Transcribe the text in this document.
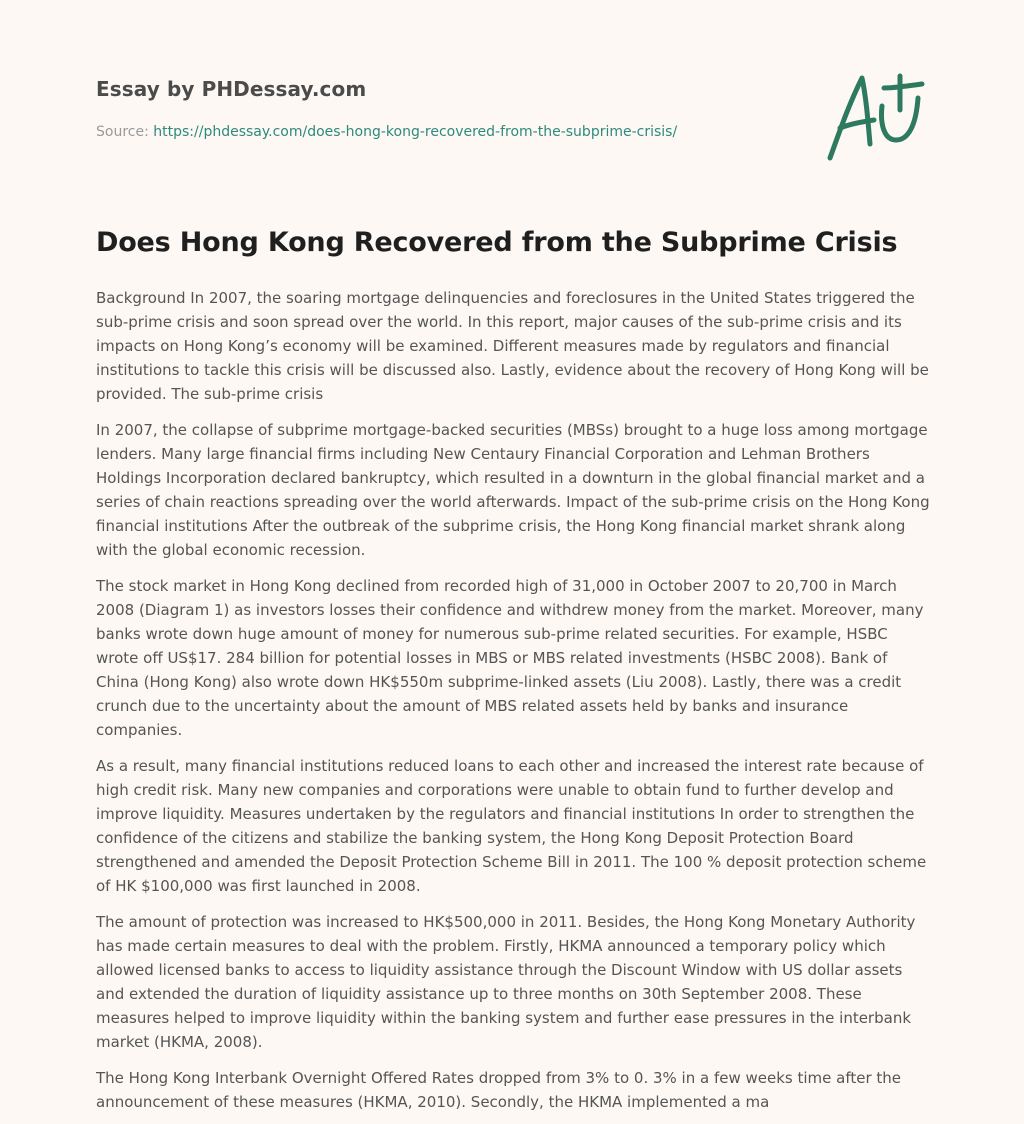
Essay by PHDessay.com
Source: https://phdessay.com/does-hong-kong-recovered-from-the-subprime-crisis/
Does Hong Kong Recovered from the Subprime Crisis

Background In 2007, the soaring mortgage delinquencies and foreclosures in the United States triggered the sub-prime crisis and soon spread over the world. In this report, major causes of the sub-prime crisis and its impacts on Hong Kong’s economy will be examined. Different measures made by regulators and financial institutions to tackle this crisis will be discussed also. Lastly, evidence about the recovery of Hong Kong will be provided. The sub-prime crisis

In 2007, the collapse of subprime mortgage-backed securities (MBSs) brought to a huge loss among mortgage lenders. Many large financial firms including New Centaury Financial Corporation and Lehman Brothers Holdings Incorporation declared bankruptcy, which resulted in a downturn in the global financial market and a series of chain reactions spreading over the world afterwards. Impact of the sub-prime crisis on the Hong Kong financial institutions After the outbreak of the subprime crisis, the Hong Kong financial market shrank along with the global economic recession.

The stock market in Hong Kong declined from recorded high of 31,000 in October 2007 to 20,700 in March 2008 (Diagram 1) as investors losses their confidence and withdrew money from the market. Moreover, many banks wrote down huge amount of money for numerous sub-prime related securities. For example, HSBC wrote off US$17. 284 billion for potential losses in MBS or MBS related investments (HSBC 2008). Bank of China (Hong Kong) also wrote down HK$550m subprime-linked assets (Liu 2008). Lastly, there was a credit crunch due to the uncertainty about the amount of MBS related assets held by banks and insurance companies.

As a result, many financial institutions reduced loans to each other and increased the interest rate because of high credit risk. Many new companies and corporations were unable to obtain fund to further develop and improve liquidity. Measures undertaken by the regulators and financial institutions In order to strengthen the confidence of the citizens and stabilize the banking system, the Hong Kong Deposit Protection Board strengthened and amended the Deposit Protection Scheme Bill in 2011. The 100 % deposit protection scheme of HK $100,000 was first launched in 2008.

The amount of protection was increased to HK$500,000 in 2011. Besides, the Hong Kong Monetary Authority has made certain measures to deal with the problem. Firstly, HKMA announced a temporary policy which allowed licensed banks to access to liquidity assistance through the Discount Window with US dollar assets and extended the duration of liquidity assistance up to three months on 30th September 2008. These measures helped to improve liquidity within the banking system and further ease pressures in the interbank market (HKMA, 2008).

The Hong Kong Interbank Overnight Offered Rates dropped from 3% to 0. 3% in a few weeks time after the announcement of these measures (HKMA, 2010). Secondly, the HKMA implemented a ma
